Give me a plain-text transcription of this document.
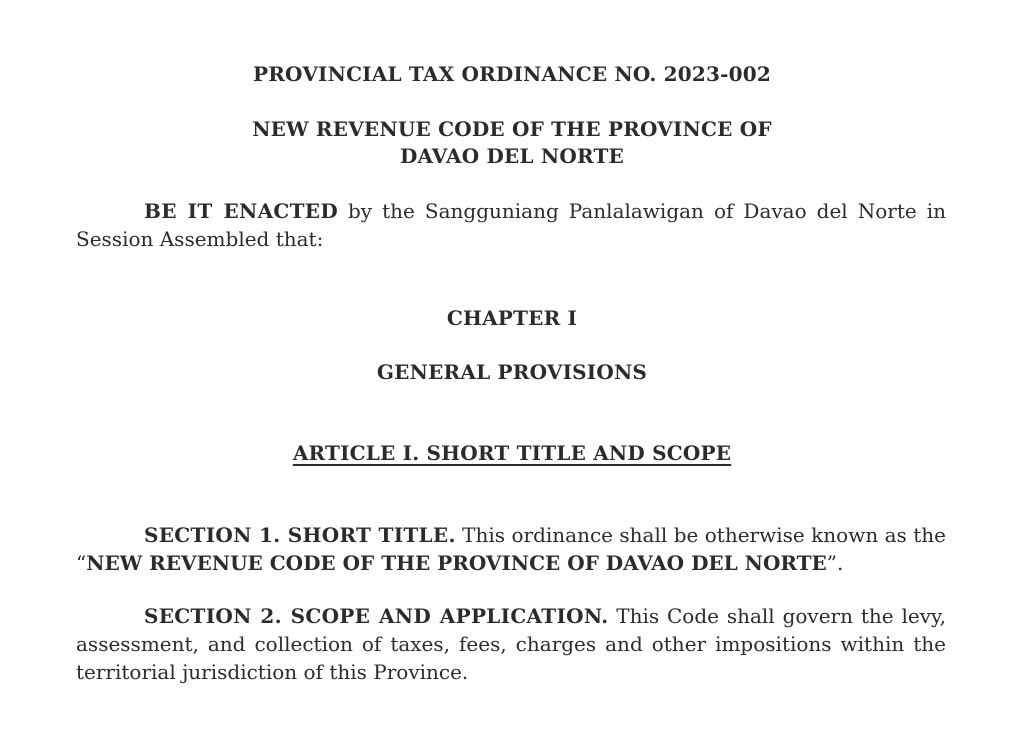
PROVINCIAL TAX ORDINANCE NO. 2023-002
NEW REVENUE CODE OF THE PROVINCE OF
DAVAO DEL NORTE
BE IT ENACTED by the Sangguniang Panlalawigan of Davao del Norte in Session Assembled that:
CHAPTER I
GENERAL PROVISIONS
ARTICLE I. SHORT TITLE AND SCOPE
SECTION 1. SHORT TITLE. This ordinance shall be otherwise known as the “NEW REVENUE CODE OF THE PROVINCE OF DAVAO DEL NORTE”.
SECTION 2. SCOPE AND APPLICATION. This Code shall govern the levy, assessment, and collection of taxes, fees, charges and other impositions within the territorial jurisdiction of this Province.
